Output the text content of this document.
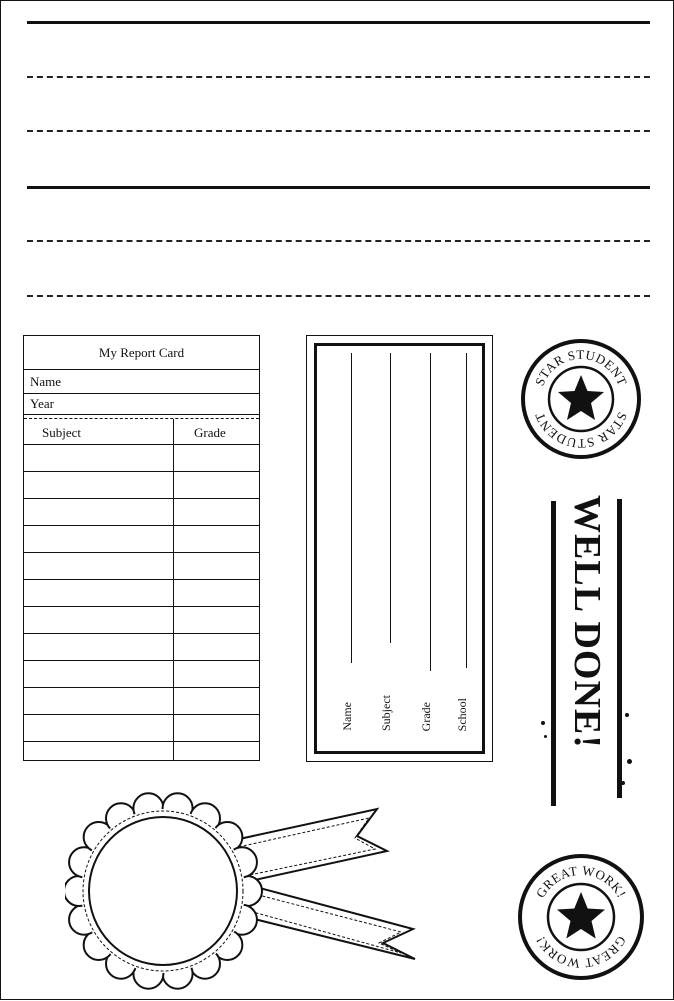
My Report Card
Name
Year
Subject	Grade
Name Subject Grade School
STAR STUDENT
STAR STUDENT
WELL DONE!
GREAT WORK!
GREAT WORK!
